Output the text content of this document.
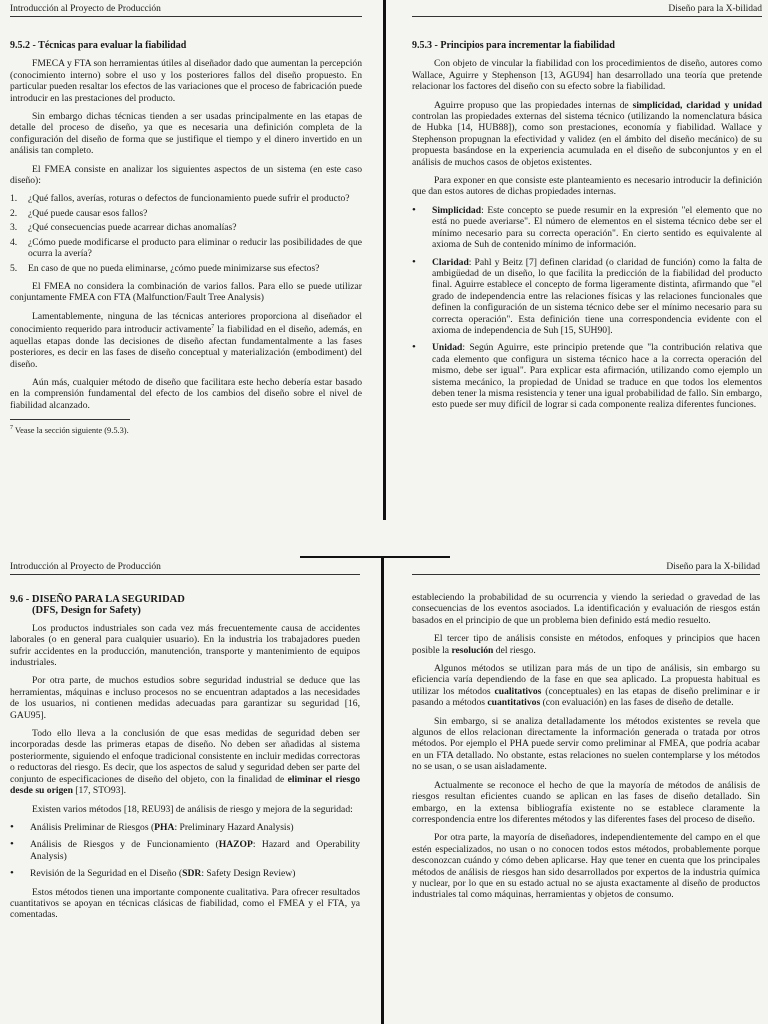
Introducción al Proyecto de Producción
9.5.2 - Técnicas para evaluar la fiabilidad

FMECA y FTA son herramientas útiles al diseñador dado que aumentan la percepción (conocimiento interno) sobre el uso y los posteriores fallos del diseño propuesto. En particular pueden resaltar los efectos de las variaciones que el proceso de fabricación puede introducir en las prestaciones del producto.

Sin embargo dichas técnicas tienden a ser usadas principalmente en las etapas de detalle del proceso de diseño, ya que es necesaria una definición completa de la configuración del diseño de forma que se justifique el tiempo y el dinero invertido en un análisis tan completo.

El FMEA consiste en analizar los siguientes aspectos de un sistema (en este caso diseño):

1.	¿Qué fallos, averías, roturas o defectos de funcionamiento puede sufrir el producto?
2.	¿Qué puede causar esos fallos?
3.	¿Qué consecuencias puede acarrear dichas anomalías?
4.	¿Cómo puede modificarse el producto para eliminar o reducir las posibilidades de que ocurra la avería?
5.	En caso de que no pueda eliminarse, ¿cómo puede minimizarse sus efectos?

El FMEA no considera la combinación de varios fallos. Para ello se puede utilizar conjuntamente FMEA con FTA (Malfunction/Fault Tree Analysis)

Lamentablemente, ninguna de las técnicas anteriores proporciona al diseñador el conocimiento requerido para introducir activamente$^7$ la fiabilidad en el diseño, además, en aquellas etapas donde las decisiones de diseño afectan fundamentalmente a las fases posteriores, es decir en las fases de diseño conceptual y materialización (embodiment) del diseño.

Aún más, cualquier método de diseño que facilitara este hecho debería estar basado en la comprensión fundamental del efecto de los cambios del diseño sobre el nivel de fiabilidad alcanzado.

$^7$ Vease la sección siguiente (9.5.3).
Diseño para la X-bilidad
9.5.3 - Principios para incrementar la fiabilidad

Con objeto de vincular la fiabilidad con los procedimientos de diseño, autores como Wallace, Aguirre y Stephenson [13, AGU94] han desarrollado una teoría que pretende relacionar los factores del diseño con su efecto sobre la fiabilidad.

Aguirre propuso que las propiedades internas de simplicidad, claridad y unidad controlan las propiedades externas del sistema técnico (utilizando la nomenclatura básica de Hubka [14, HUB88]), como son prestaciones, economía y fiabilidad. Wallace y Stephenson propugnan la efectividad y validez (en el ámbito del diseño mecánico) de su propuesta basándose en la experiencia acumulada en el diseño de subconjuntos y en el análisis de muchos casos de objetos existentes.

Para exponer en que consiste este planteamiento es necesario introducir la definición que dan estos autores de dichas propiedades internas.

•	Simplicidad: Este concepto se puede resumir en la expresión "el elemento que no está no puede averiarse". El número de elementos en el sistema técnico debe ser el mínimo necesario para su correcta operación". En cierto sentido es equivalente al axioma de Suh de contenido mínimo de información.
•	Claridad: Pahl y Beitz [7] definen claridad (o claridad de función) como la falta de ambigüedad de un diseño, lo que facilita la predicción de la fiabilidad del producto final. Aguirre establece el concepto de forma ligeramente distinta, afirmando que "el grado de independencia entre las relaciones físicas y las relaciones funcionales que definen la configuración de un sistema técnico debe ser el mínimo necesario para su correcta operación". Esta definición tiene una correspondencia evidente con el axioma de independencia de Suh [15, SUH90].
•	Unidad: Según Aguirre, este principio pretende que "la contribución relativa que cada elemento que configura un sistema técnico hace a la correcta operación del mismo, debe ser igual". Para explicar esta afirmación, utilizando como ejemplo un sistema mecánico, la propiedad de Unidad se traduce en que todos los elementos deben tener la misma resistencia y tener una igual probabilidad de fallo. Sin embargo, esto puede ser muy difícil de lograr si cada componente realiza diferentes funciones.
Introducción al Proyecto de Producción
9.6 - DISEÑO PARA LA SEGURIDAD
(DFS, Design for Safety)

Los productos industriales son cada vez más frecuentemente causa de accidentes laborales (o en general para cualquier usuario). En la industria los trabajadores pueden sufrir accidentes en la producción, manutención, transporte y mantenimiento de equipos industriales.

Por otra parte, de muchos estudios sobre seguridad industrial se deduce que las herramientas, máquinas e incluso procesos no se encuentran adaptados a las necesidades de los usuarios, ni contienen medidas adecuadas para garantizar su seguridad [16, GAU95].

Todo ello lleva a la conclusión de que esas medidas de seguridad deben ser incorporadas desde las primeras etapas de diseño. No deben ser añadidas al sistema posteriormente, siguiendo el enfoque tradicional consistente en incluir medidas correctoras o reductoras del riesgo. Es decir, que los aspectos de salud y seguridad deben ser parte del conjunto de especificaciones de diseño del objeto, con la finalidad de eliminar el riesgo desde su origen [17, STO93].

Existen varios métodos [18, REU93] de análisis de riesgo y mejora de la seguridad:

•	Análisis Preliminar de Riesgos (PHA: Preliminary Hazard Analysis)
•	Análisis de Riesgos y de Funcionamiento (HAZOP: Hazard and Operability Analysis)
•	Revisión de la Seguridad en el Diseño (SDR: Safety Design Review)

Estos métodos tienen una importante componente cualitativa. Para ofrecer resultados cuantitativos se apoyan en técnicas clásicas de fiabilidad, como el FMEA y el FTA, ya comentadas.

Diseño para la X-bilidad

estableciendo la probabilidad de su ocurrencia y viendo la seriedad o gravedad de las consecuencias de los eventos asociados. La identificación y evaluación de riesgos están basados en el principio de que un problema bien definido está medio resuelto.

El tercer tipo de análisis consiste en métodos, enfoques y principios que hacen posible la resolución del riesgo.

Algunos métodos se utilizan para más de un tipo de análisis, sin embargo su eficiencia varía dependiendo de la fase en que sea aplicado. La propuesta habitual es utilizar los métodos cualitativos (conceptuales) en las etapas de diseño preliminar e ir pasando a métodos cuantitativos (con evaluación) en las fases de diseño de detalle.

Sin embargo, si se analiza detalladamente los métodos existentes se revela que algunos de ellos relacionan directamente la información generada o tratada por otros métodos. Por ejemplo el PHA puede servir como preliminar al FMEA, que podría acabar en un FTA detallado. No obstante, estas relaciones no suelen contemplarse y los métodos no se usan, o se usan aisladamente.

Actualmente se reconoce el hecho de que la mayoría de métodos de análisis de riesgos resultan eficientes cuando se aplican en las fases de diseño detallado. Sin embargo, en la extensa bibliografía existente no se establece claramente la correspondencia entre los diferentes métodos y las diferentes fases del proceso de diseño.

Por otra parte, la mayoría de diseñadores, independientemente del campo en el que estén especializados, no usan o no conocen todos estos métodos, probablemente porque desconozcan cuándo y cómo deben aplicarse. Hay que tener en cuenta que los principales métodos de análisis de riesgos han sido desarrollados por expertos de la industria química y nuclear, por lo que en su estado actual no se ajusta exactamente al diseño de productos industriales tal como máquinas, herramientas y objetos de consumo.
